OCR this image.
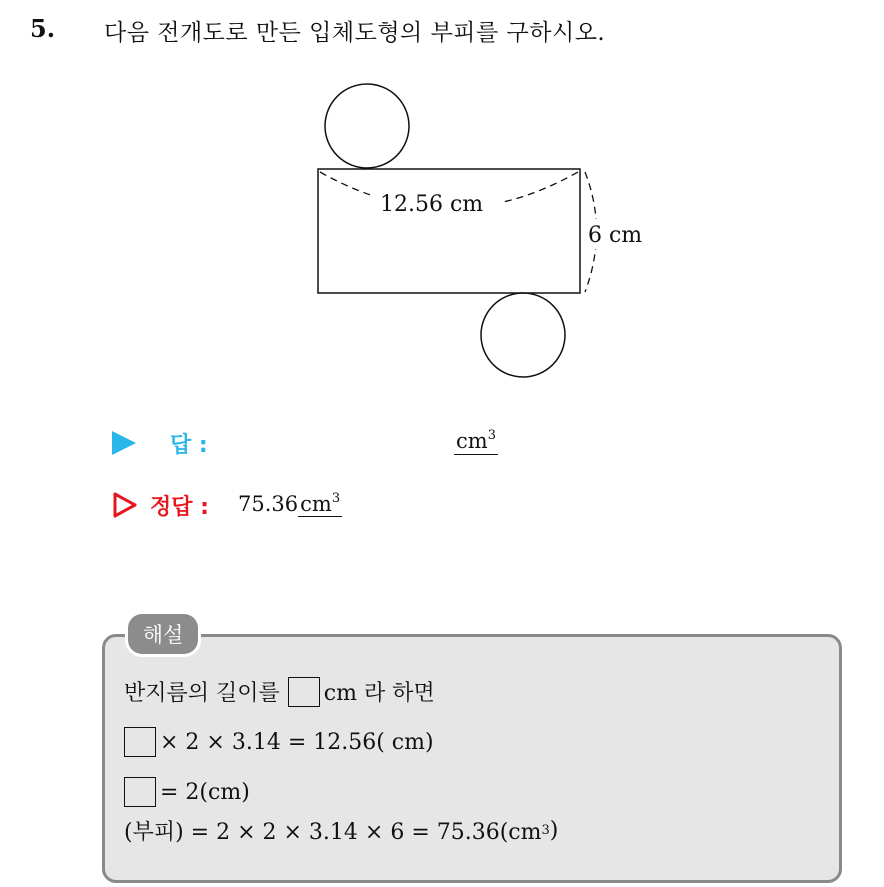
5. 다음 전개도로 만든 입체도형의 부피를 구하시오.
12.56 cm
6 cm
답 :	$cm^3$
정답 : $75.36cm^3$
해설
반지름의 길이를 cm 라 하면
× 2 × 3.14 = 12.56( cm)
= 2(cm)
(부피) = 2 × 2 × 3.14 × 6 = 75.36(cm 3 )
